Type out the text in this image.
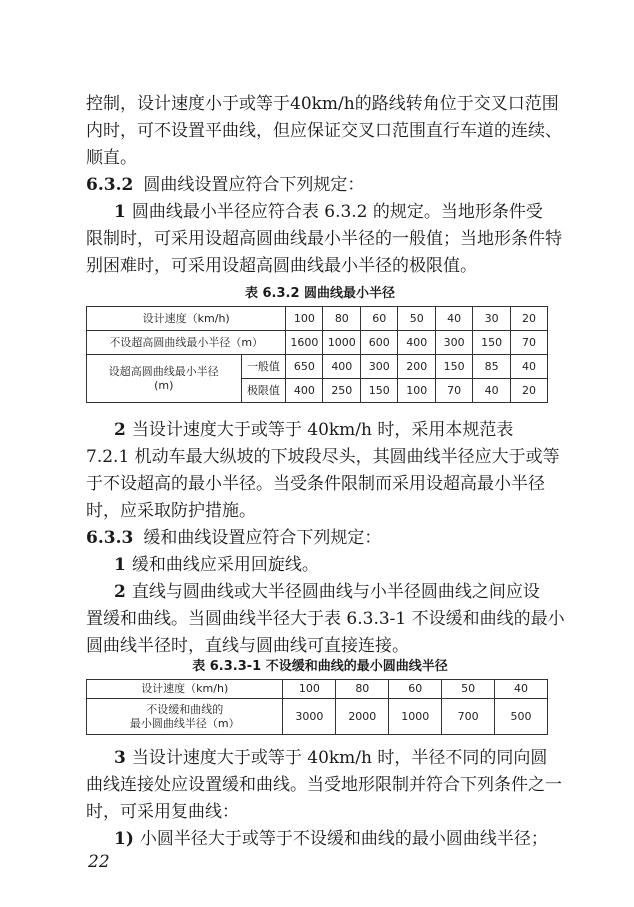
控制，设计速度小于或等于40km/h的路线转角位于交叉口范围
内时，可不设置平曲线，但应保证交叉口范围直行车道的连续、
顺直。
6.3.2 圆曲线设置应符合下列规定：
1 圆曲线最小半径应符合表 6.3.2 的规定。当地形条件受
限制时，可采用设超高圆曲线最小半径的一般值；当地形条件特
别困难时，可采用设超高圆曲线最小半径的极限值。
表 6.3.2 圆曲线最小半径
设计速度（km/h)		100	80	60	50	40	30	20
不设超高圆曲线最小半径（m）		1600	1000	600	400	300	150	70

设超高圆曲线最小半径
(m)	一般值	650	400	300	200	150	85	40
	极限值	400	250	150	100	70	40	20
2 当设计速度大于或等于 40km/h 时，采用本规范表
7.2.1 机动车最大纵坡的下坡段尽头，其圆曲线半径应大于或等
于不设超高的最小半径。当受条件限制而采用设超高最小半径
时，应采取防护措施。
6.3.3 缓和曲线设置应符合下列规定：
1 缓和曲线应采用回旋线。
2 直线与圆曲线或大半径圆曲线与小半径圆曲线之间应设
置缓和曲线。当圆曲线半径大于表 6.3.3-1 不设缓和曲线的最小
圆曲线半径时，直线与圆曲线可直接连接。
表 6.3.3-1 不设缓和曲线的最小圆曲线半径
设计速度（km/h)	100	80	60	50	40

不设缓和曲线的
最小圆曲线半径（m）	3000	2000	1000	700	500
3 当设计速度大于或等于 40km/h 时，半径不同的同向圆
曲线连接处应设置缓和曲线。当受地形限制并符合下列条件之一
时，可采用复曲线：
1) 小圆半径大于或等于不设缓和曲线的最小圆曲线半径；
22
